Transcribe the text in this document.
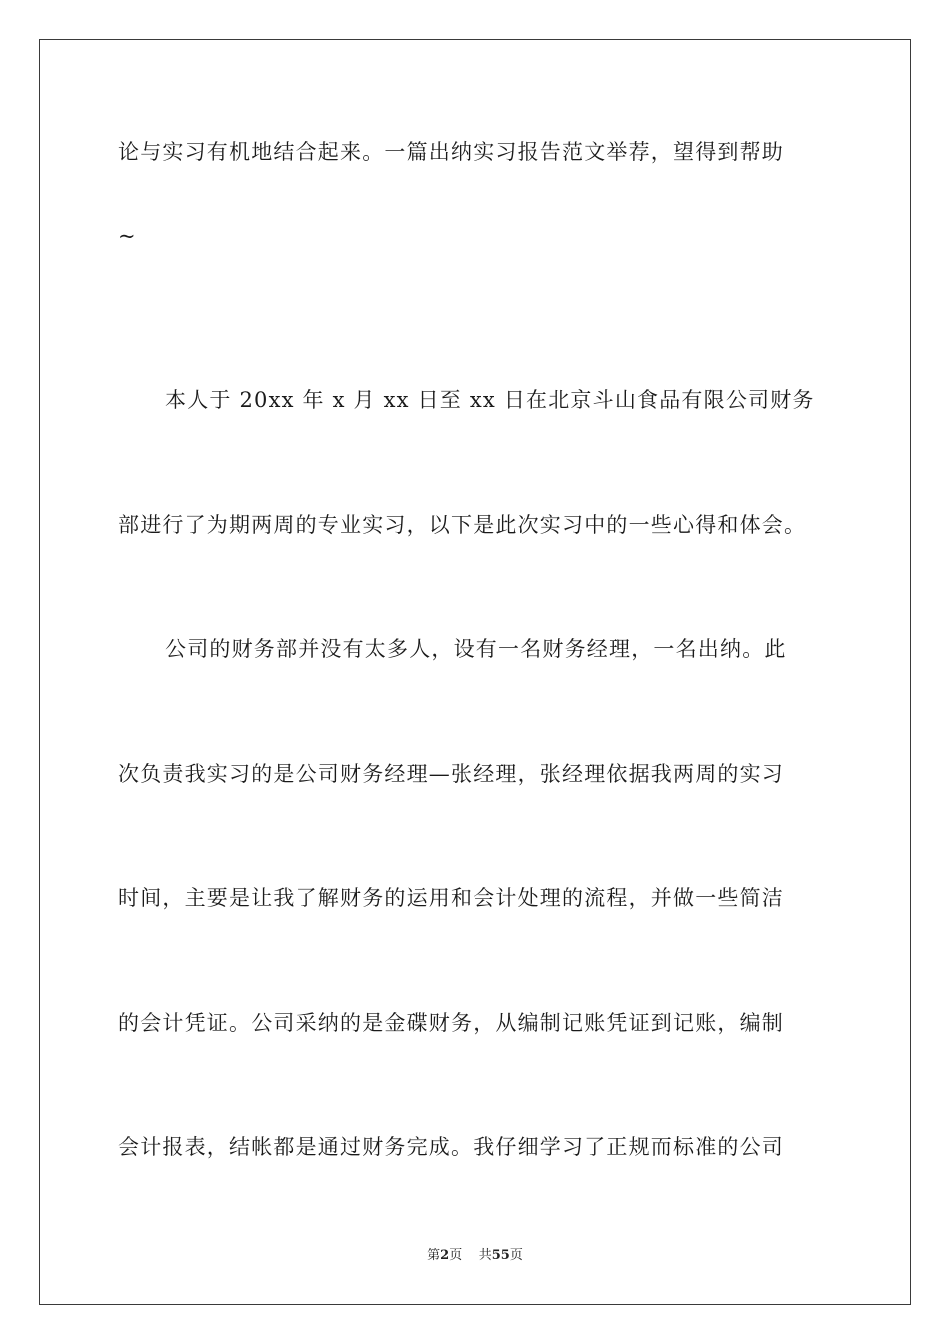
论与实习有机地结合起来。一篇出纳实习报告范文举荐，望得到帮助
~
本人于 20xx 年 x 月 xx 日至 xx 日在北京斗山食品有限公司财务
部进行了为期两周的专业实习，以下是此次实习中的一些心得和体会。
公司的财务部并没有太多人，设有一名财务经理，一名出纳。此
次负责我实习的是公司财务经理—张经理，张经理依据我两周的实习
时间，主要是让我了解财务的运用和会计处理的流程，并做一些简洁
的会计凭证。公司采纳的是金碟财务，从编制记账凭证到记账，编制
会计报表，结帐都是通过财务完成。我仔细学习了正规而标准的公司
第2页 共55页
